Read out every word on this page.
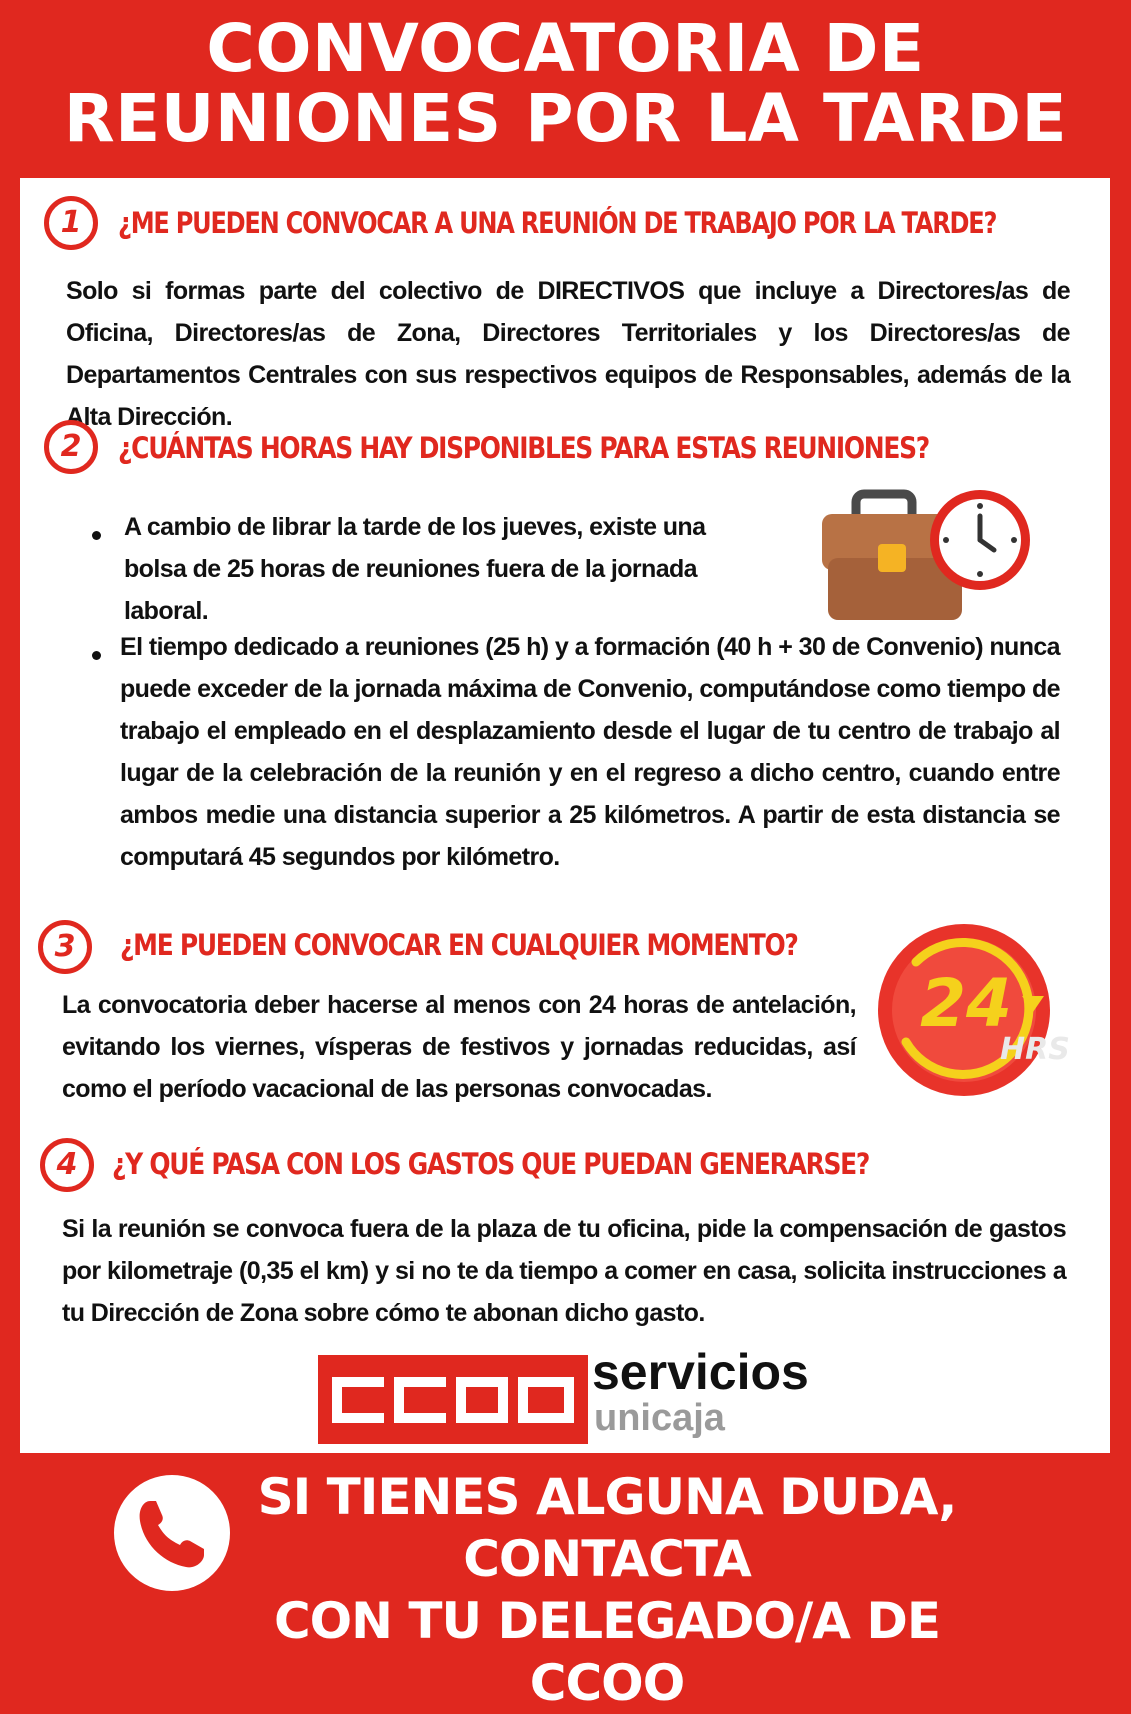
CONVOCATORIA DE
REUNIONES POR LA TARDE
1	¿ME PUEDEN CONVOCAR A UNA REUNIÓN DE TRABAJO POR LA TARDE?
Solo si formas parte del colectivo de DIRECTIVOS que incluye a Directores/as de Oficina, Directores/as de Zona, Directores Territoriales y los Directores/as de Departamentos Centrales con sus respectivos equipos de Responsables, además de la Alta Dirección.
2	¿CUÁNTAS HORAS HAY DISPONIBLES PARA ESTAS REUNIONES?
A cambio de librar la tarde de los jueves, existe una bolsa de 25 horas de reuniones fuera de la jornada laboral.
El tiempo dedicado a reuniones (25 h) y a formación (40 h + 30 de Convenio) nunca puede exceder de la jornada máxima de Convenio, computándose como tiempo de trabajo el empleado en el desplazamiento desde el lugar de tu centro de trabajo al lugar de la celebración de la reunión y en el regreso a dicho centro, cuando entre ambos medie una distancia superior a 25 kilómetros. A partir de esta distancia se computará 45 segundos por kilómetro.
3	¿ME PUEDEN CONVOCAR EN CUALQUIER MOMENTO?
La convocatoria deber hacerse al menos con 24 horas de antelación, evitando los viernes, vísperas de festivos y jornadas reducidas, así como el período vacacional de las personas convocadas.
24
HRS
4	¿Y QUÉ PASA CON LOS GASTOS QUE PUEDAN GENERARSE?
Si la reunión se convoca fuera de la plaza de tu oficina, pide la compensación de gastos por kilometraje (0,35 el km) y si no te da tiempo a comer en casa, solicita instrucciones a tu Dirección de Zona sobre cómo te abonan dicho gasto.
servicios
unicaja
SI TIENES ALGUNA DUDA, CONTACTA
CON TU DELEGADO/A DE CCOO
